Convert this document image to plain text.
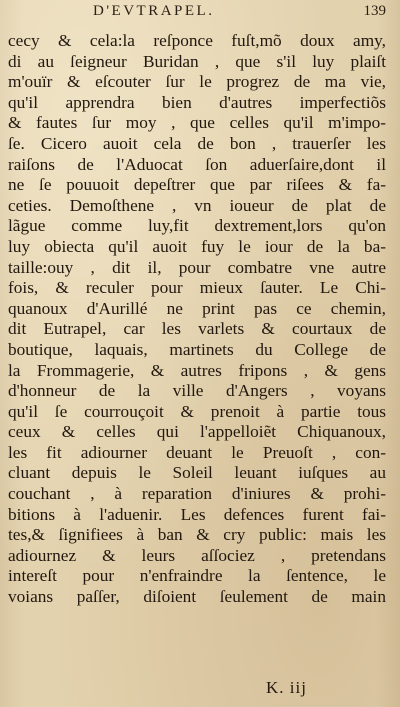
D'EVTRAPEL.	139
cecy & cela:la reſponce fuſt,mõ doux amy,
di au ſeigneur Buridan , que s'il luy plaiſt
m'ouïr & eſcouter ſur le progrez de ma vie,
qu'il apprendra bien d'autres imperfectiõs
& fautes ſur moy , que celles qu'il m'impo-
ſe. Cicero auoit cela de bon , trauerſer les
raiſons de l'Aduocat ſon aduerſaire,dont il
ne ſe pouuoit depeſtrer que par riſees & fa-
ceties. Demoſthene , vn ioueur de plat de
lãgue comme luy,fit dextrement,lors qu'on
luy obiecta qu'il auoit fuy le iour de la ba-
taille:ouy , dit il, pour combatre vne autre
fois, & reculer pour mieux ſauter. Le Chi-
quanoux d'Aurillé ne print pas ce chemin,
dit Eutrapel, car les varlets & courtaux de
boutique, laquais, martinets du College de
la Frommagerie, & autres fripons , & gens
d'honneur de la ville d'Angers , voyans
qu'il ſe courrouçoit & prenoit à partie tous
ceux & celles qui l'appelloiẽt Chiquanoux,
les fit adiourner deuant le Preuoſt , con-
cluant depuis le Soleil leuant iuſques au
couchant , à reparation d'iniures & prohi-
bitions à l'aduenir. Les defences furent fai-
tes,& ſignifiees à ban & cry public: mais les
adiournez & leurs aſſociez , pretendans
intereſt pour n'enfraindre la ſentence, le
voians paſſer, diſoient ſeulement de main
K. iij
